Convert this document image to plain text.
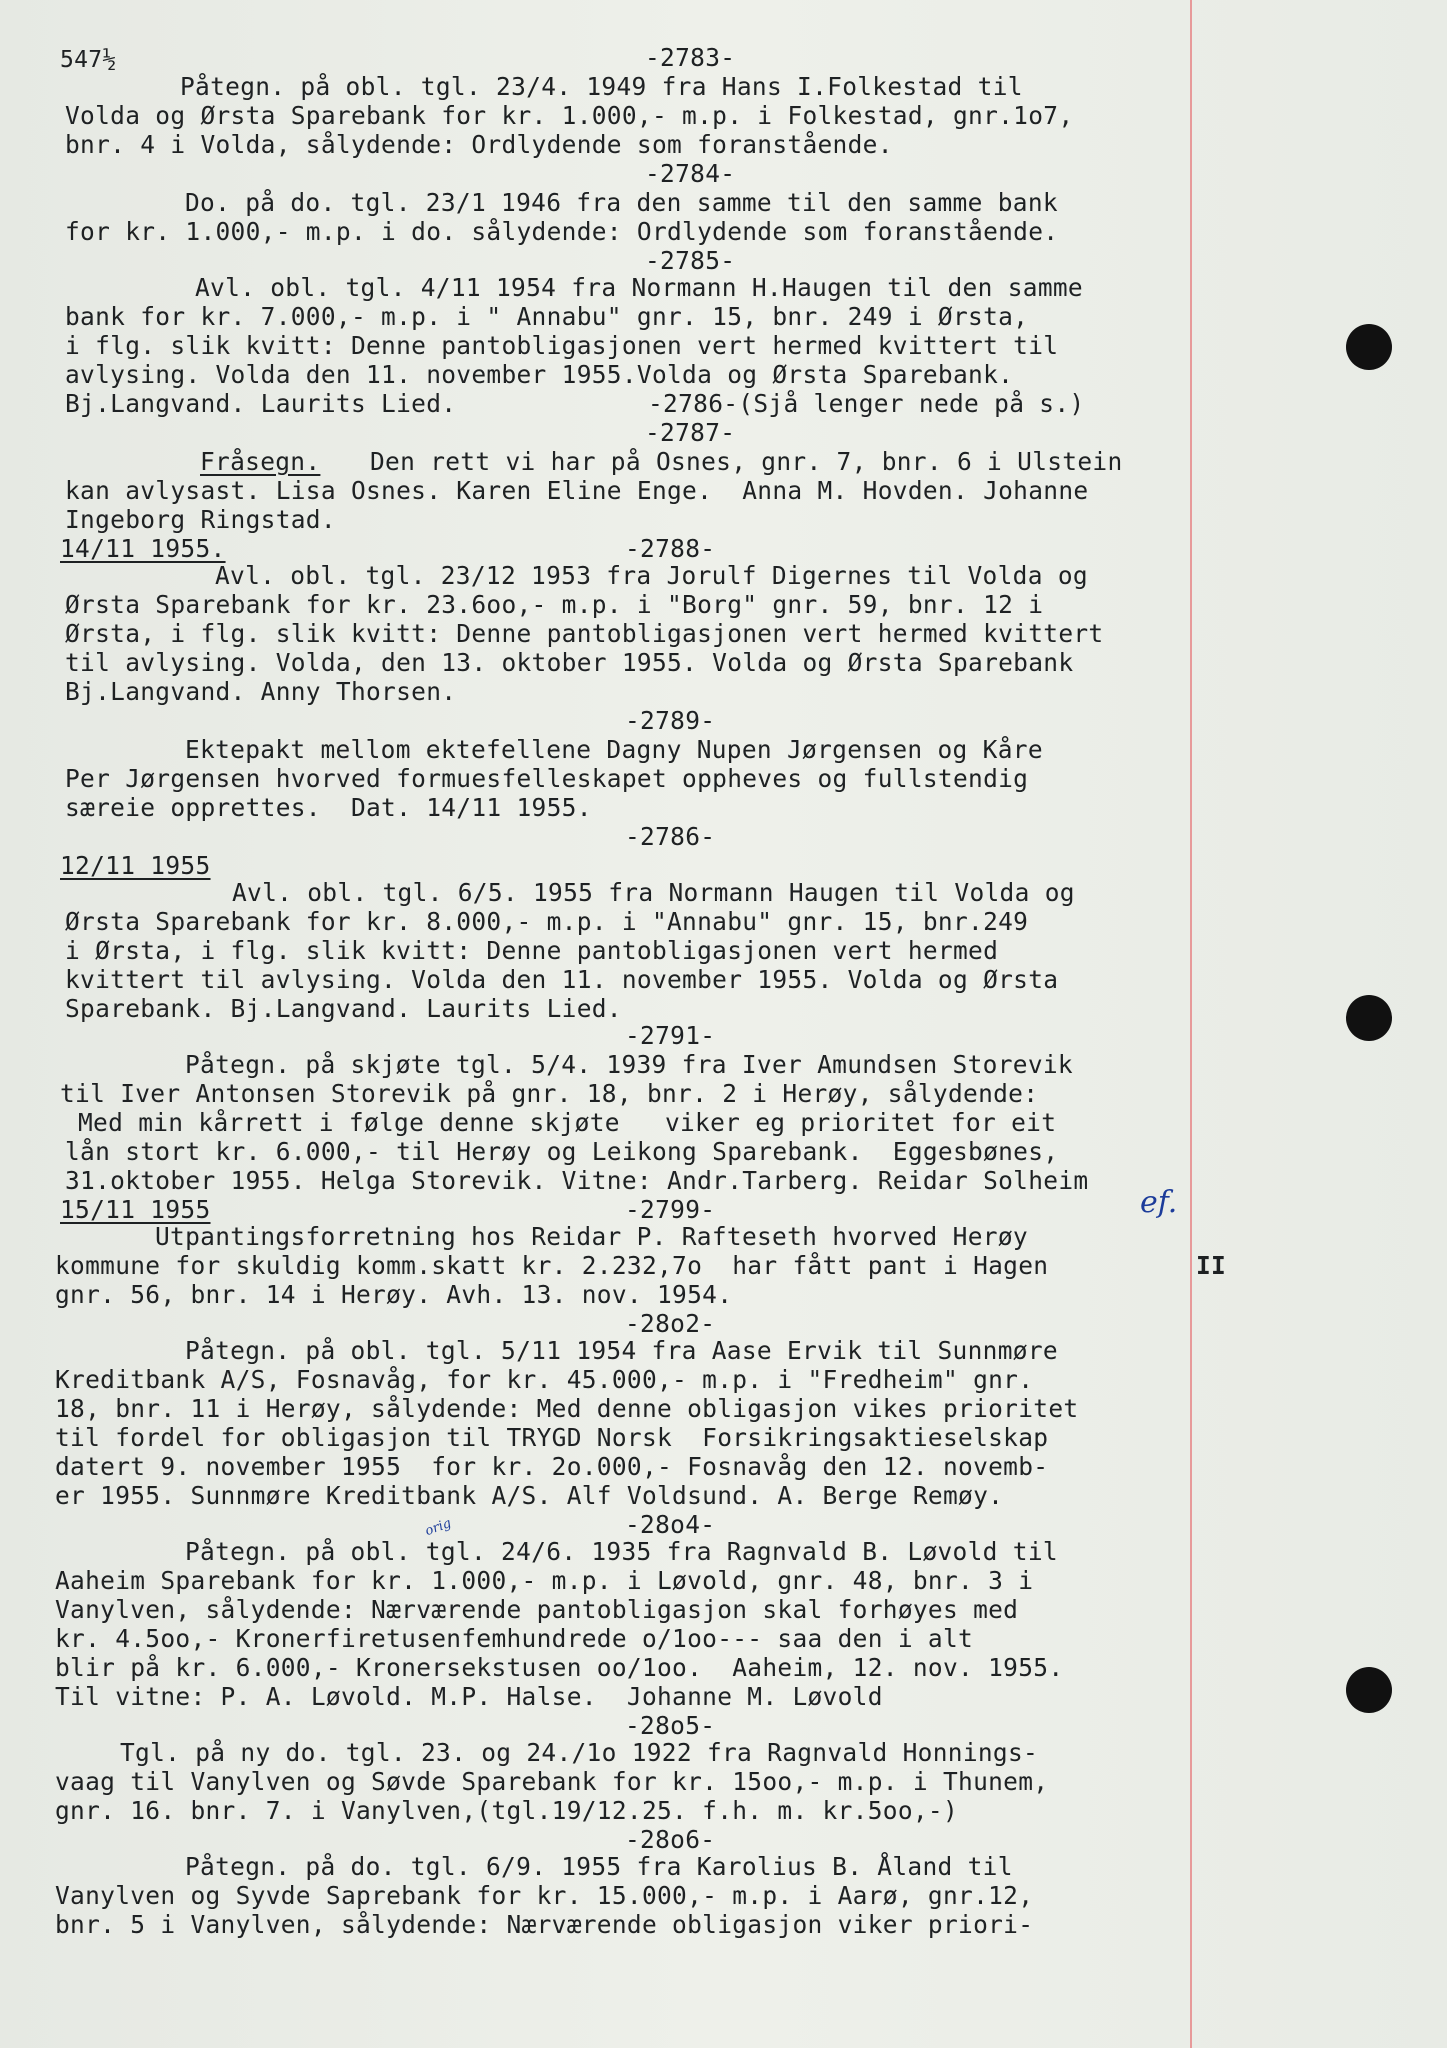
547½	-2783-
Påtegn. på obl. tgl. 23/4. 1949 fra Hans I.Folkestad til
Volda og Ørsta Sparebank for kr. 1.000,- m.p. i Folkestad, gnr.1o7,
bnr. 4 i Volda, sålydende: Ordlydende som foranstående.
-2784-
Do. på do. tgl. 23/1 1946 fra den samme til den samme bank
for kr. 1.000,- m.p. i do. sålydende: Ordlydende som foranstående.
-2785-
Avl. obl. tgl. 4/11 1954 fra Normann H.Haugen til den samme
bank for kr. 7.000,- m.p. i " Annabu" gnr. 15, bnr. 249 i Ørsta,
i flg. slik kvitt: Denne pantobligasjonen vert hermed kvittert til
avlysing. Volda den 11. november 1955.Volda og Ørsta Sparebank.
Bj.Langvand. Laurits Lied.	-2786-(Sjå lenger nede på s.)
-2787-
Fråsegn. Den rett vi har på Osnes, gnr. 7, bnr. 6 i Ulstein
kan avlysast. Lisa Osnes. Karen Eline Enge.  Anna M. Hovden. Johanne
Ingeborg Ringstad.
14/11 1955.	-2788-
Avl. obl. tgl. 23/12 1953 fra Jorulf Digernes til Volda og
Ørsta Sparebank for kr. 23.6oo,- m.p. i "Borg" gnr. 59, bnr. 12 i
Ørsta, i flg. slik kvitt: Denne pantobligasjonen vert hermed kvittert
til avlysing. Volda, den 13. oktober 1955. Volda og Ørsta Sparebank
Bj.Langvand. Anny Thorsen.
-2789-
Ektepakt mellom ektefellene Dagny Nupen Jørgensen og Kåre
Per Jørgensen hvorved formuesfelleskapet oppheves og fullstendig
særeie opprettes.  Dat. 14/11 1955.
-2786-
12/11 1955
Avl. obl. tgl. 6/5. 1955 fra Normann Haugen til Volda og
Ørsta Sparebank for kr. 8.000,- m.p. i "Annabu" gnr. 15, bnr.249
i Ørsta, i flg. slik kvitt: Denne pantobligasjonen vert hermed
kvittert til avlysing. Volda den 11. november 1955. Volda og Ørsta
Sparebank. Bj.Langvand. Laurits Lied.
-2791-
Påtegn. på skjøte tgl. 5/4. 1939 fra Iver Amundsen Storevik
til Iver Antonsen Storevik på gnr. 18, bnr. 2 i Herøy, sålydende:
Med min kårrett i følge denne skjøte   viker eg prioritet for eit
lån stort kr. 6.000,- til Herøy og Leikong Sparebank.  Eggesbønes,
31.oktober 1955. Helga Storevik. Vitne: Andr.Tarberg. Reidar Solheim
15/11 1955	-2799-
Utpantingsforretning hos Reidar P. Rafteseth hvorved Herøy
kommune for skuldig komm.skatt kr. 2.232,7o  har fått pant i Hagen
gnr. 56, bnr. 14 i Herøy. Avh. 13. nov. 1954.
-28o2-
Påtegn. på obl. tgl. 5/11 1954 fra Aase Ervik til Sunnmøre
Kreditbank A/S, Fosnavåg, for kr. 45.000,- m.p. i "Fredheim" gnr.
18, bnr. 11 i Herøy, sålydende: Med denne obligasjon vikes prioritet
til fordel for obligasjon til TRYGD Norsk  Forsikringsaktieselskap
datert 9. november 1955  for kr. 2o.000,- Fosnavåg den 12. novemb-
er 1955. Sunnmøre Kreditbank A/S. Alf Voldsund. A. Berge Remøy.
-28o4-
Påtegn. på obl. tgl. 24/6. 1935 fra Ragnvald B. Løvold til
Aaheim Sparebank for kr. 1.000,- m.p. i Løvold, gnr. 48, bnr. 3 i
Vanylven, sålydende: Nærværende pantobligasjon skal forhøyes med
kr. 4.5oo,- Kronerfiretusenfemhundrede o/1oo--- saa den i alt
blir på kr. 6.000,- Kronersekstusen oo/1oo.  Aaheim, 12. nov. 1955.
Til vitne: P. A. Løvold. M.P. Halse.  Johanne M. Løvold
-28o5-
Tgl. på ny do. tgl. 23. og 24./1o 1922 fra Ragnvald Honnings-
vaag til Vanylven og Søvde Sparebank for kr. 15oo,- m.p. i Thunem,
gnr. 16. bnr. 7. i Vanylven,(tgl.19/12.25. f.h. m. kr.5oo,-)
-28o6-
Påtegn. på do. tgl. 6/9. 1955 fra Karolius B. Åland til
Vanylven og Syvde Saprebank for kr. 15.000,- m.p. i Aarø, gnr.12,
bnr. 5 i Vanylven, sålydende: Nærværende obligasjon viker priori-
ef.
orig
II
